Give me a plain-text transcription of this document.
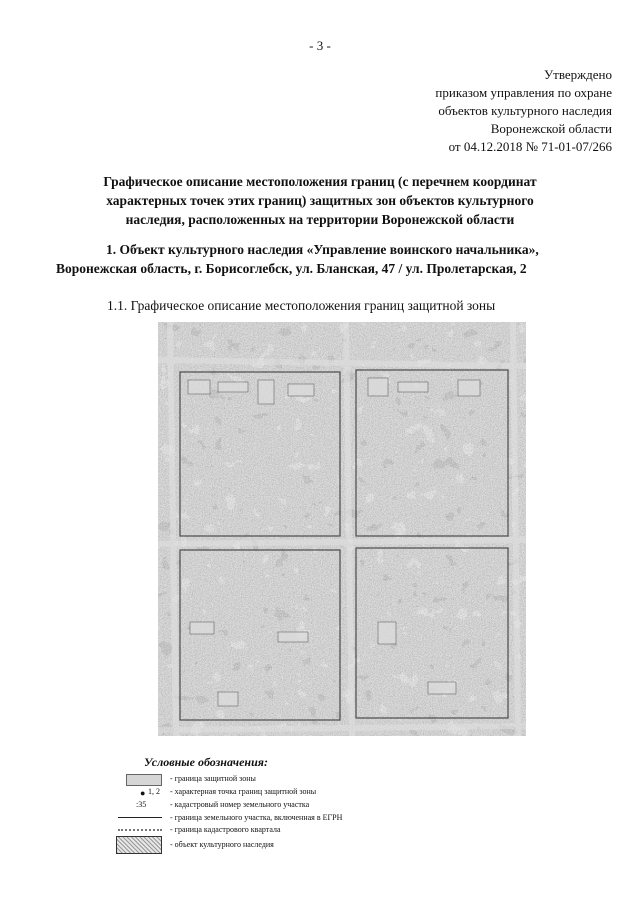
- 3 -
Утверждено
приказом управления по охране
объектов культурного наследия
Воронежской области
от 04.12.2018 № 71-01-07/266
Графическое описание местоположения границ (с перечнем координат
характерных точек этих границ) защитных зон объектов культурного
наследия, расположенных на территории Воронежской области
1. Объект культурного наследия «Управление воинского начальника»,
Воронежская область, г. Борисоглебск, ул. Бланская, 47 / ул. Пролетарская, 2
1.1. Графическое описание местоположения границ защитной зоны
Условные обозначения:
- граница защитной зоны
● 1, 2 - характерная точка границ защитной зоны
:35	- кадастровый номер земельного участка
- граница земельного участка, включенная в ЕГРН
- граница кадастрового квартала
- объект культурного наследия
